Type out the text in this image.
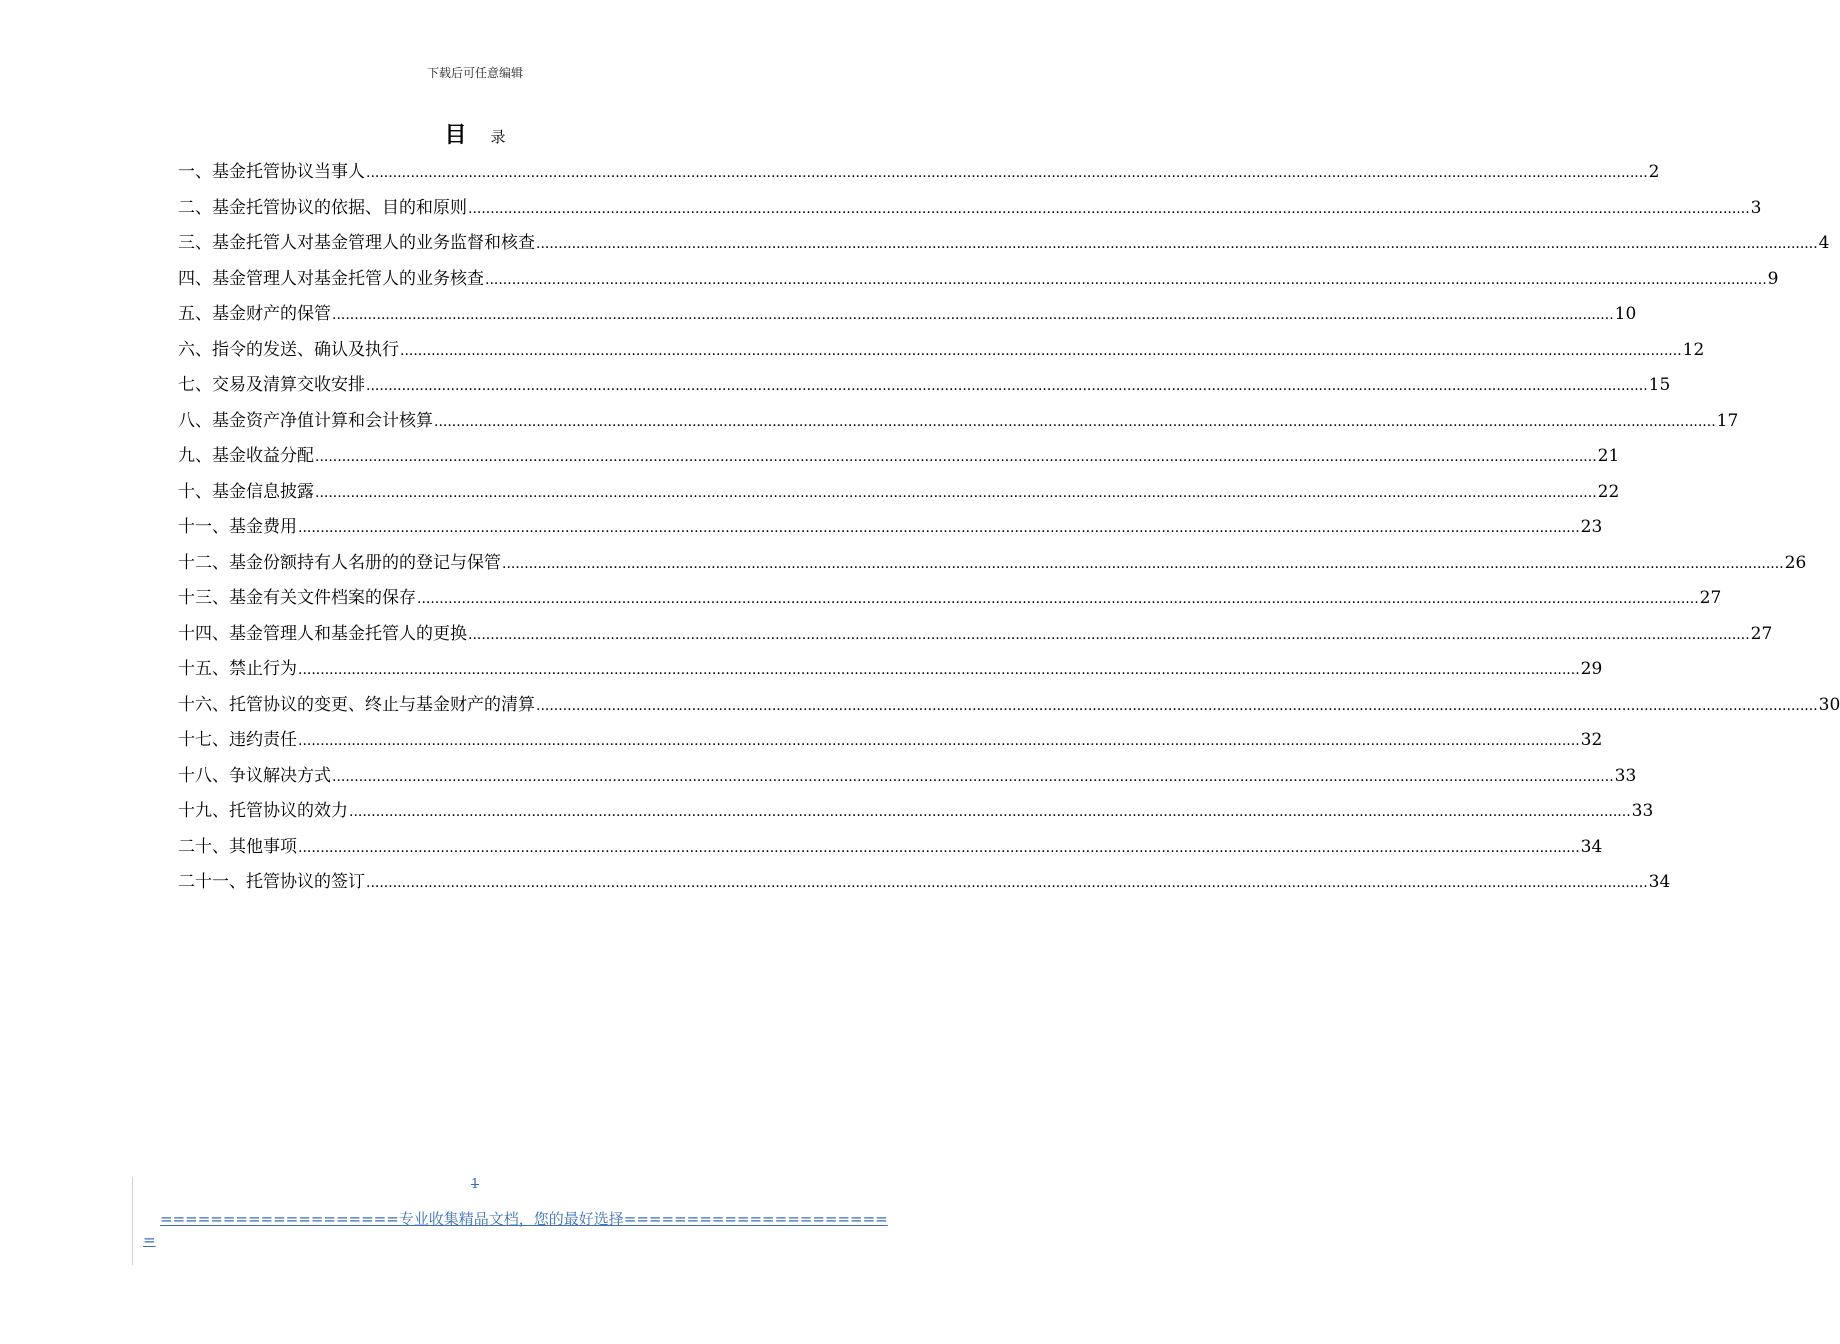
下载后可任意编辑
目 录
一、基金托管协议当事人 .....	2
二、基金托管协议的依据、目的和原则 .....	3
三、基金托管人对基金管理人的业务监督和核查 .....	4
四、基金管理人对基金托管人的业务核查 .....	9
五、基金财产的保管 .....	10
六、指令的发送、确认及执行 .....	12
七、交易及清算交收安排 .....	15
八、基金资产净值计算和会计核算 .....	17
九、基金收益分配 .....	21
十、基金信息披露 .....	22
十一、基金费用 .....	23
十二、基金份额持有人名册的的登记与保管 .....	26
十三、基金有关文件档案的保存 .....	27
十四、基金管理人和基金托管人的更换 .....	27
十五、禁止行为 .....	29
十六、托管协议的变更、终止与基金财产的清算 .....	30
十七、违约责任 .....	32
十八、争议解决方式 .....	33
十九、托管协议的效力 .....	33
二十、其他事项 .....	34
二十一、托管协议的签订 .....	34
1
===================专业收集精品文档，您的最好选择=====================
=
